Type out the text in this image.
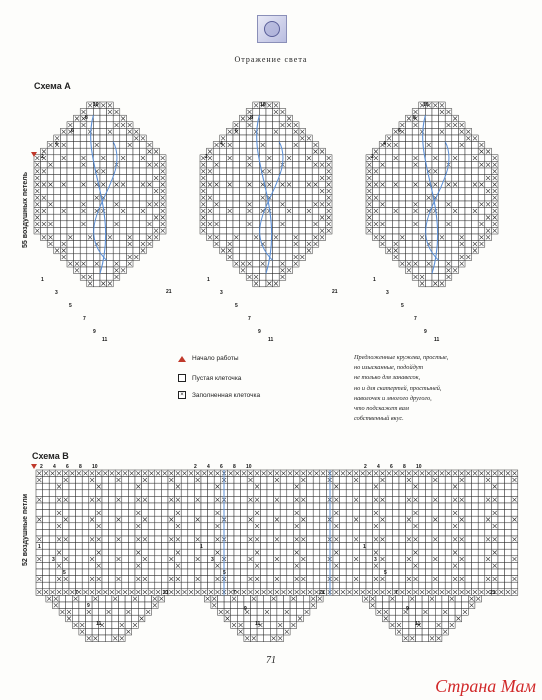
Отражение света
Схема А
55 воздушных петель
Схема В
52 воздушные петли
10
8
6
4
2
1
3
5
7
9
11
10
8
6
4
2
1
3
5
7
9
11
10
8
6
4
2
1
3
5
7
9
11
21	21
2 4 6 8 10	2 4 6 8 10	2 4 6 8 10
1
3
5
7
9
11
1
3
5
7
9
11
1
3
5
7
9
11
21	21	21
Начало работы
Пустая клеточка
×	Заполненная клеточка
Предложенные кружева, простые,
но изысканные, подойдут
не только для занавесок,
но и для скатертей, простыней,
наволочек и многого другого,
что подскажет вам
собственный вкус.
71
Страна Мам
